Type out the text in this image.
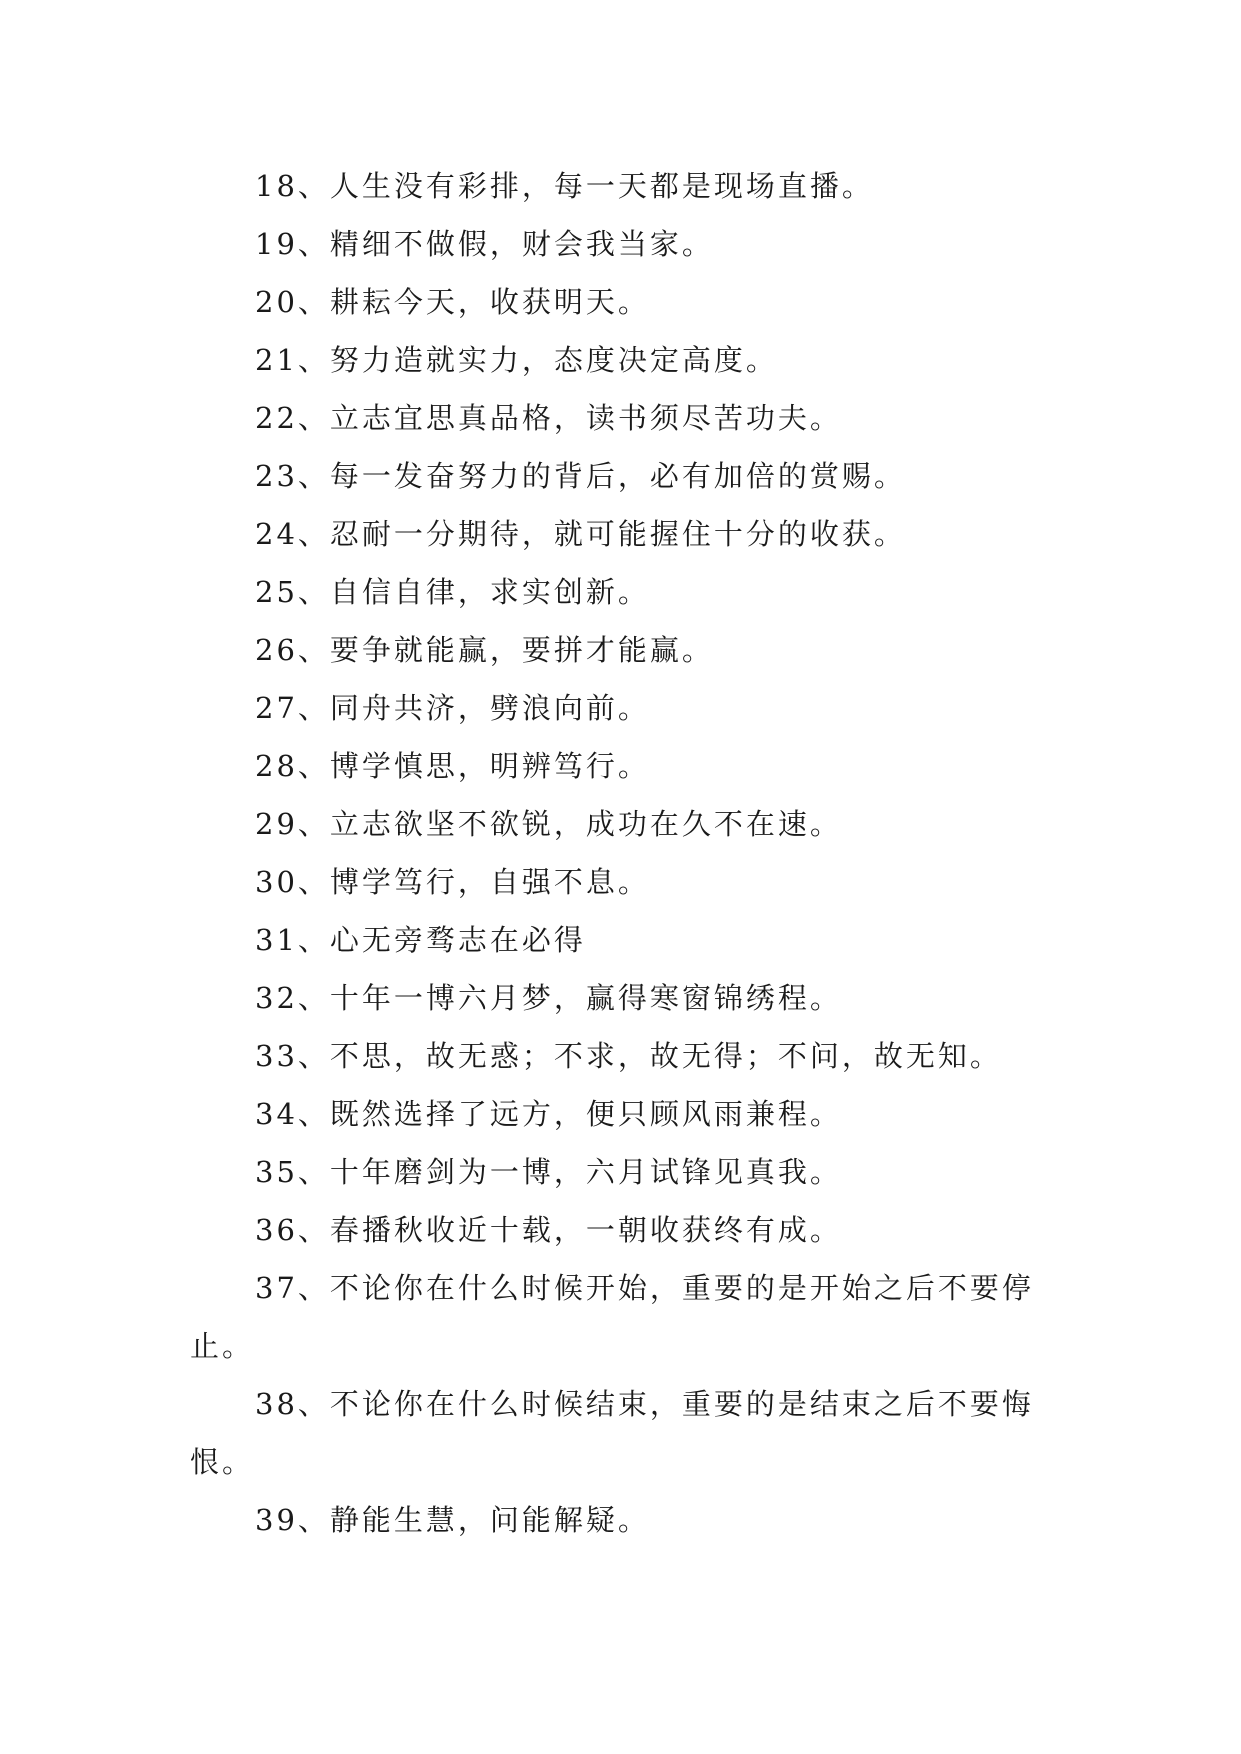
18、人生没有彩排，每一天都是现场直播。

19、精细不做假，财会我当家。

20、耕耘今天，收获明天。

21、努力造就实力，态度决定高度。

22、立志宜思真品格，读书须尽苦功夫。

23、每一发奋努力的背后，必有加倍的赏赐。

24、忍耐一分期待，就可能握住十分的收获。

25、自信自律，求实创新。

26、要争就能赢，要拼才能赢。

27、同舟共济，劈浪向前。

28、博学慎思，明辨笃行。

29、立志欲坚不欲锐，成功在久不在速。

30、博学笃行，自强不息。

31、心无旁骛志在必得

32、十年一博六月梦，赢得寒窗锦绣程。

33、不思，故无惑；不求，故无得；不问，故无知。

34、既然选择了远方，便只顾风雨兼程。

35、十年磨剑为一博，六月试锋见真我。

36、春播秋收近十载，一朝收获终有成。

37、不论你在什么时候开始，重要的是开始之后不要停止。

38、不论你在什么时候结束，重要的是结束之后不要悔恨。

39、静能生慧，问能解疑。
